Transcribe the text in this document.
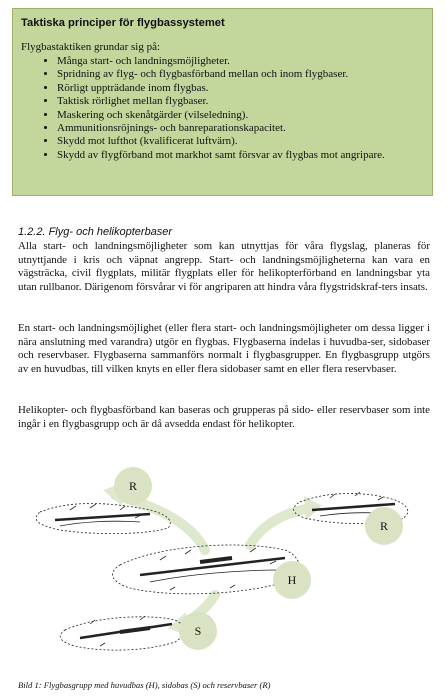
Taktiska principer för flygbassystemet

Flygbastaktiken grundar sig på:

• Många start- och landningsmöjligheter.
• Spridning av flyg- och flygbasförband mellan och inom flygbaser.
• Rörligt uppträdande inom flygbas.
• Taktisk rörlighet mellan flygbaser.
• Maskering och skenåtgärder (vilseledning).
• Ammunitionsröjnings- och banreparationskapacitet.
• Skydd mot lufthot (kvalificerat luftvärn).
• Skydd av flygförband mot markhot samt försvar av flygbas mot angripare.
1.2.2. Flyg- och helikopterbaser

Alla start- och landningsmöjligheter som kan utnyttjas för våra flygslag, planeras för utnyttjande i kris och väpnat angrepp. Start- och landningsmöjligheterna kan vara en vägsträcka, civil flygplats, militär flygplats eller för helikopterförband en landningsbar yta utan rullbanor. Därigenom försvårar vi för angriparen att hindra våra flygstridskraf-ters insats.

En start- och landningsmöjlighet (eller flera start- och landningsmöjligheter om dessa ligger i nära anslutning med varandra) utgör en flygbas. Flygbaserna indelas i huvudba-ser, sidobaser och reservbaser. Flygbaserna sammanförs normalt i flygbasgrupper. En flygbasgrupp utgörs av en huvudbas, till vilken knyts en eller flera sidobaser samt en eller flera reservbaser.

Helikopter- och flygbasförband kan baseras och grupperas på sido- eller reservbaser som inte ingår i en flygbasgrupp och är då avsedda endast för helikopter.

R
R
H
S
Bild 1: Flygbasgrupp med huvudbas (H), sidobas (S) och reservbaser (R)
